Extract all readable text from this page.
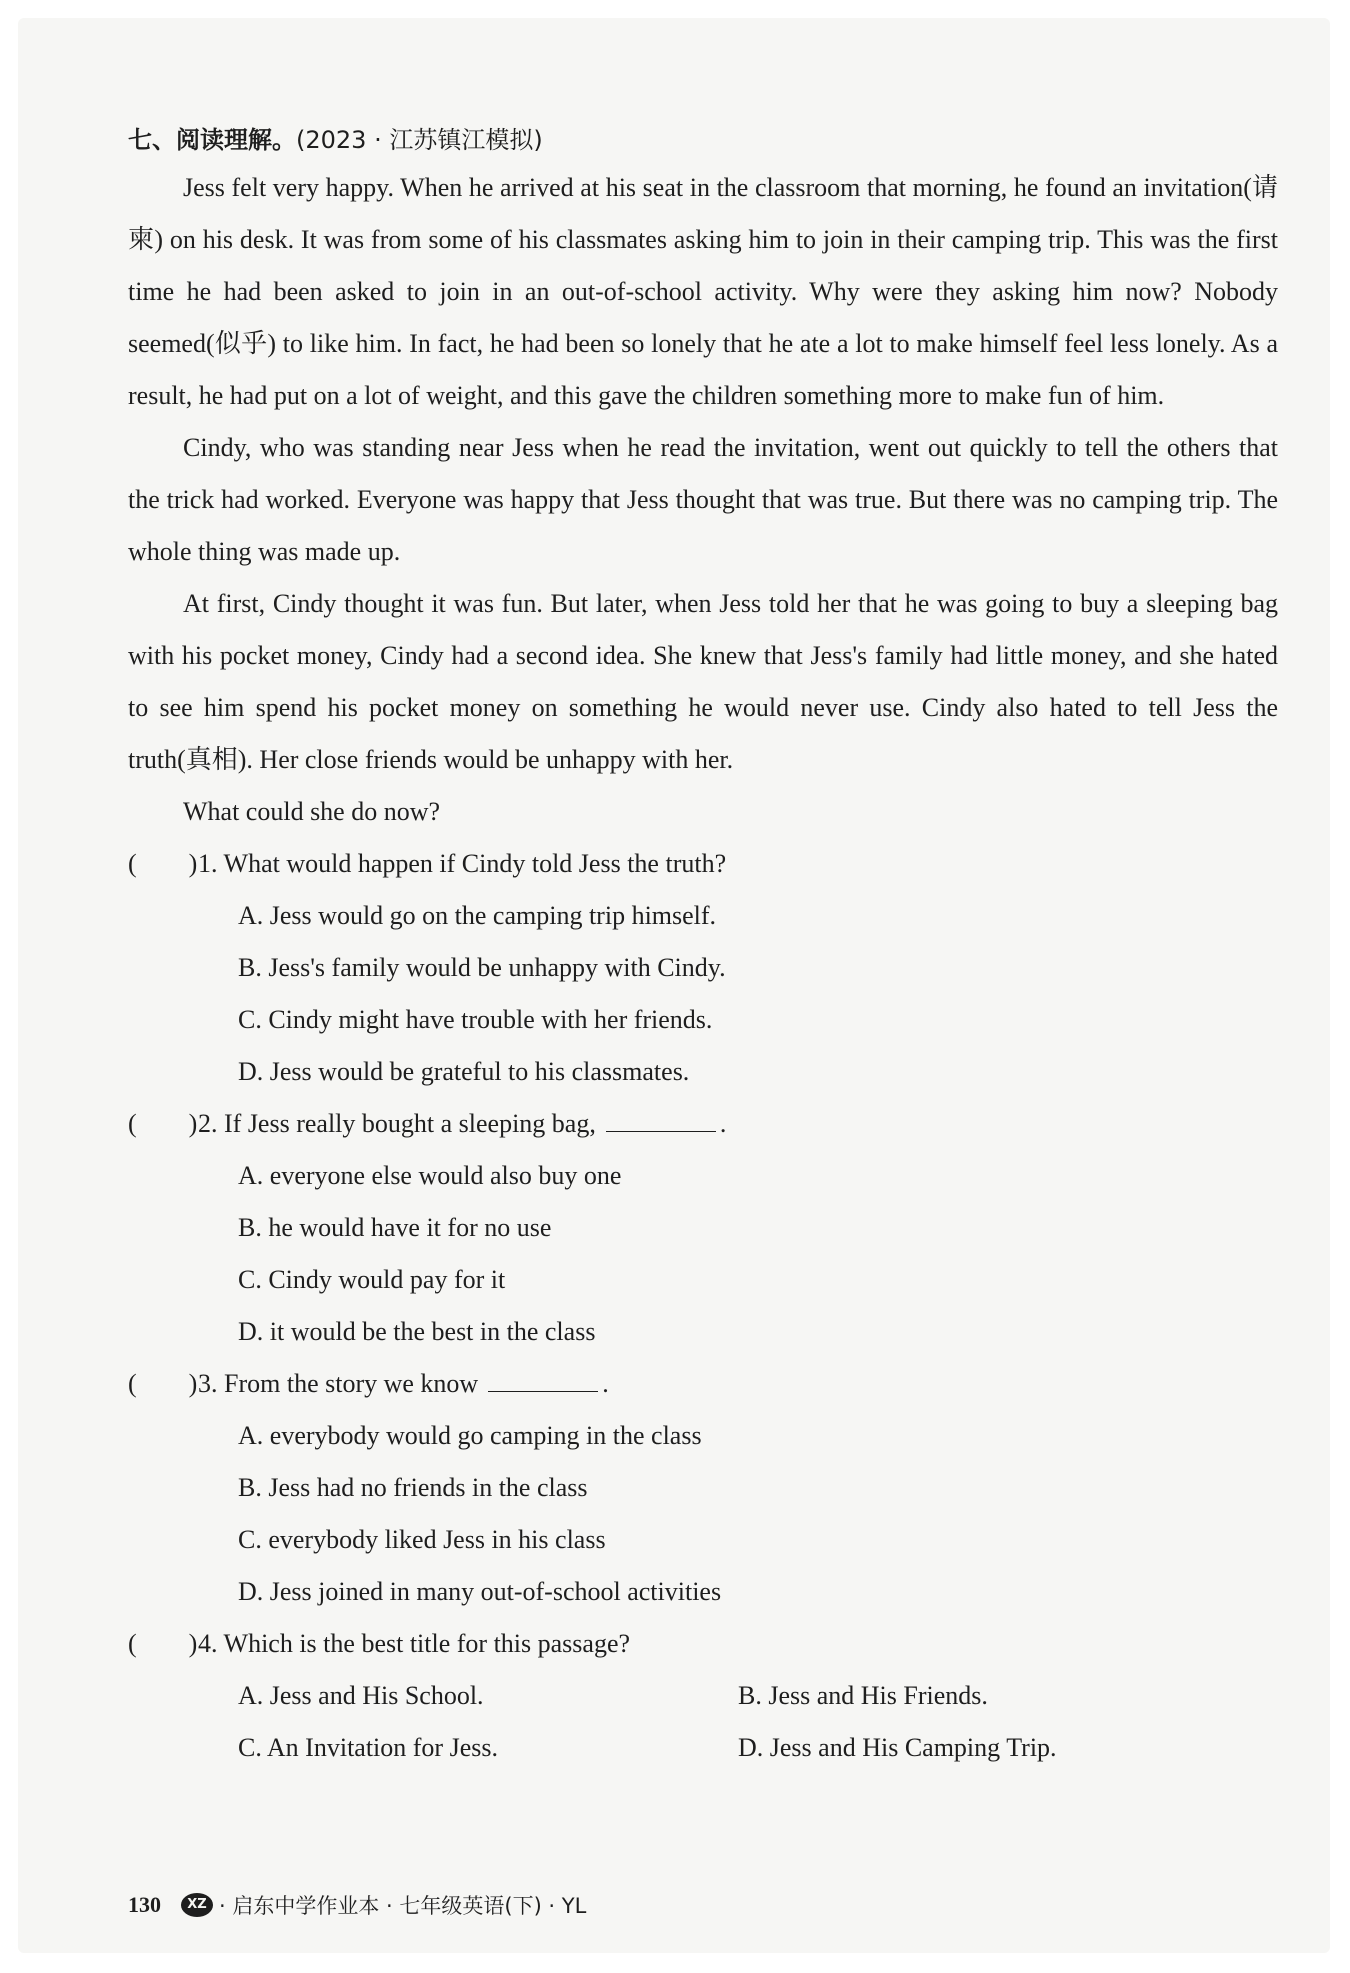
七、阅读理解。(2023 · 江苏镇江模拟)

Jess felt very happy. When he arrived at his seat in the classroom that morning, he found an invitation(请柬) on his desk. It was from some of his classmates asking him to join in their camping trip. This was the first time he had been asked to join in an out-of-school activity. Why were they asking him now? Nobody seemed(似乎) to like him. In fact, he had been so lonely that he ate a lot to make himself feel less lonely. As a result, he had put on a lot of weight, and this gave the children something more to make fun of him.

Cindy, who was standing near Jess when he read the invitation, went out quickly to tell the others that the trick had worked. Everyone was happy that Jess thought that was true. But there was no camping trip. The whole thing was made up.

At first, Cindy thought it was fun. But later, when Jess told her that he was going to buy a sleeping bag with his pocket money, Cindy had a second idea. She knew that Jess's family had little money, and she hated to see him spend his pocket money on something he would never use. Cindy also hated to tell Jess the truth(真相). Her close friends would be unhappy with her.

What could she do now?

(        ) 1. What would happen if Cindy told Jess the truth?
A. Jess would go on the camping trip himself.
B. Jess's family would be unhappy with Cindy.
C. Cindy might have trouble with her friends.
D. Jess would be grateful to his classmates.
(        ) 2. If Jess really bought a sleeping bag,	.
A. everyone else would also buy one
B. he would have it for no use
C. Cindy would pay for it
D. it would be the best in the class
(        ) 3. From the story we know	.
A. everybody would go camping in the class
B. Jess had no friends in the class
C. everybody liked Jess in his class
D. Jess joined in many out-of-school activities
(        ) 4. Which is the best title for this passage?
A. Jess and His School.	B. Jess and His Friends.
C. An Invitation for Jess.	D. Jess and His Camping Trip.
130	XZ · 启东中学作业本 · 七年级英语(下) · YL
